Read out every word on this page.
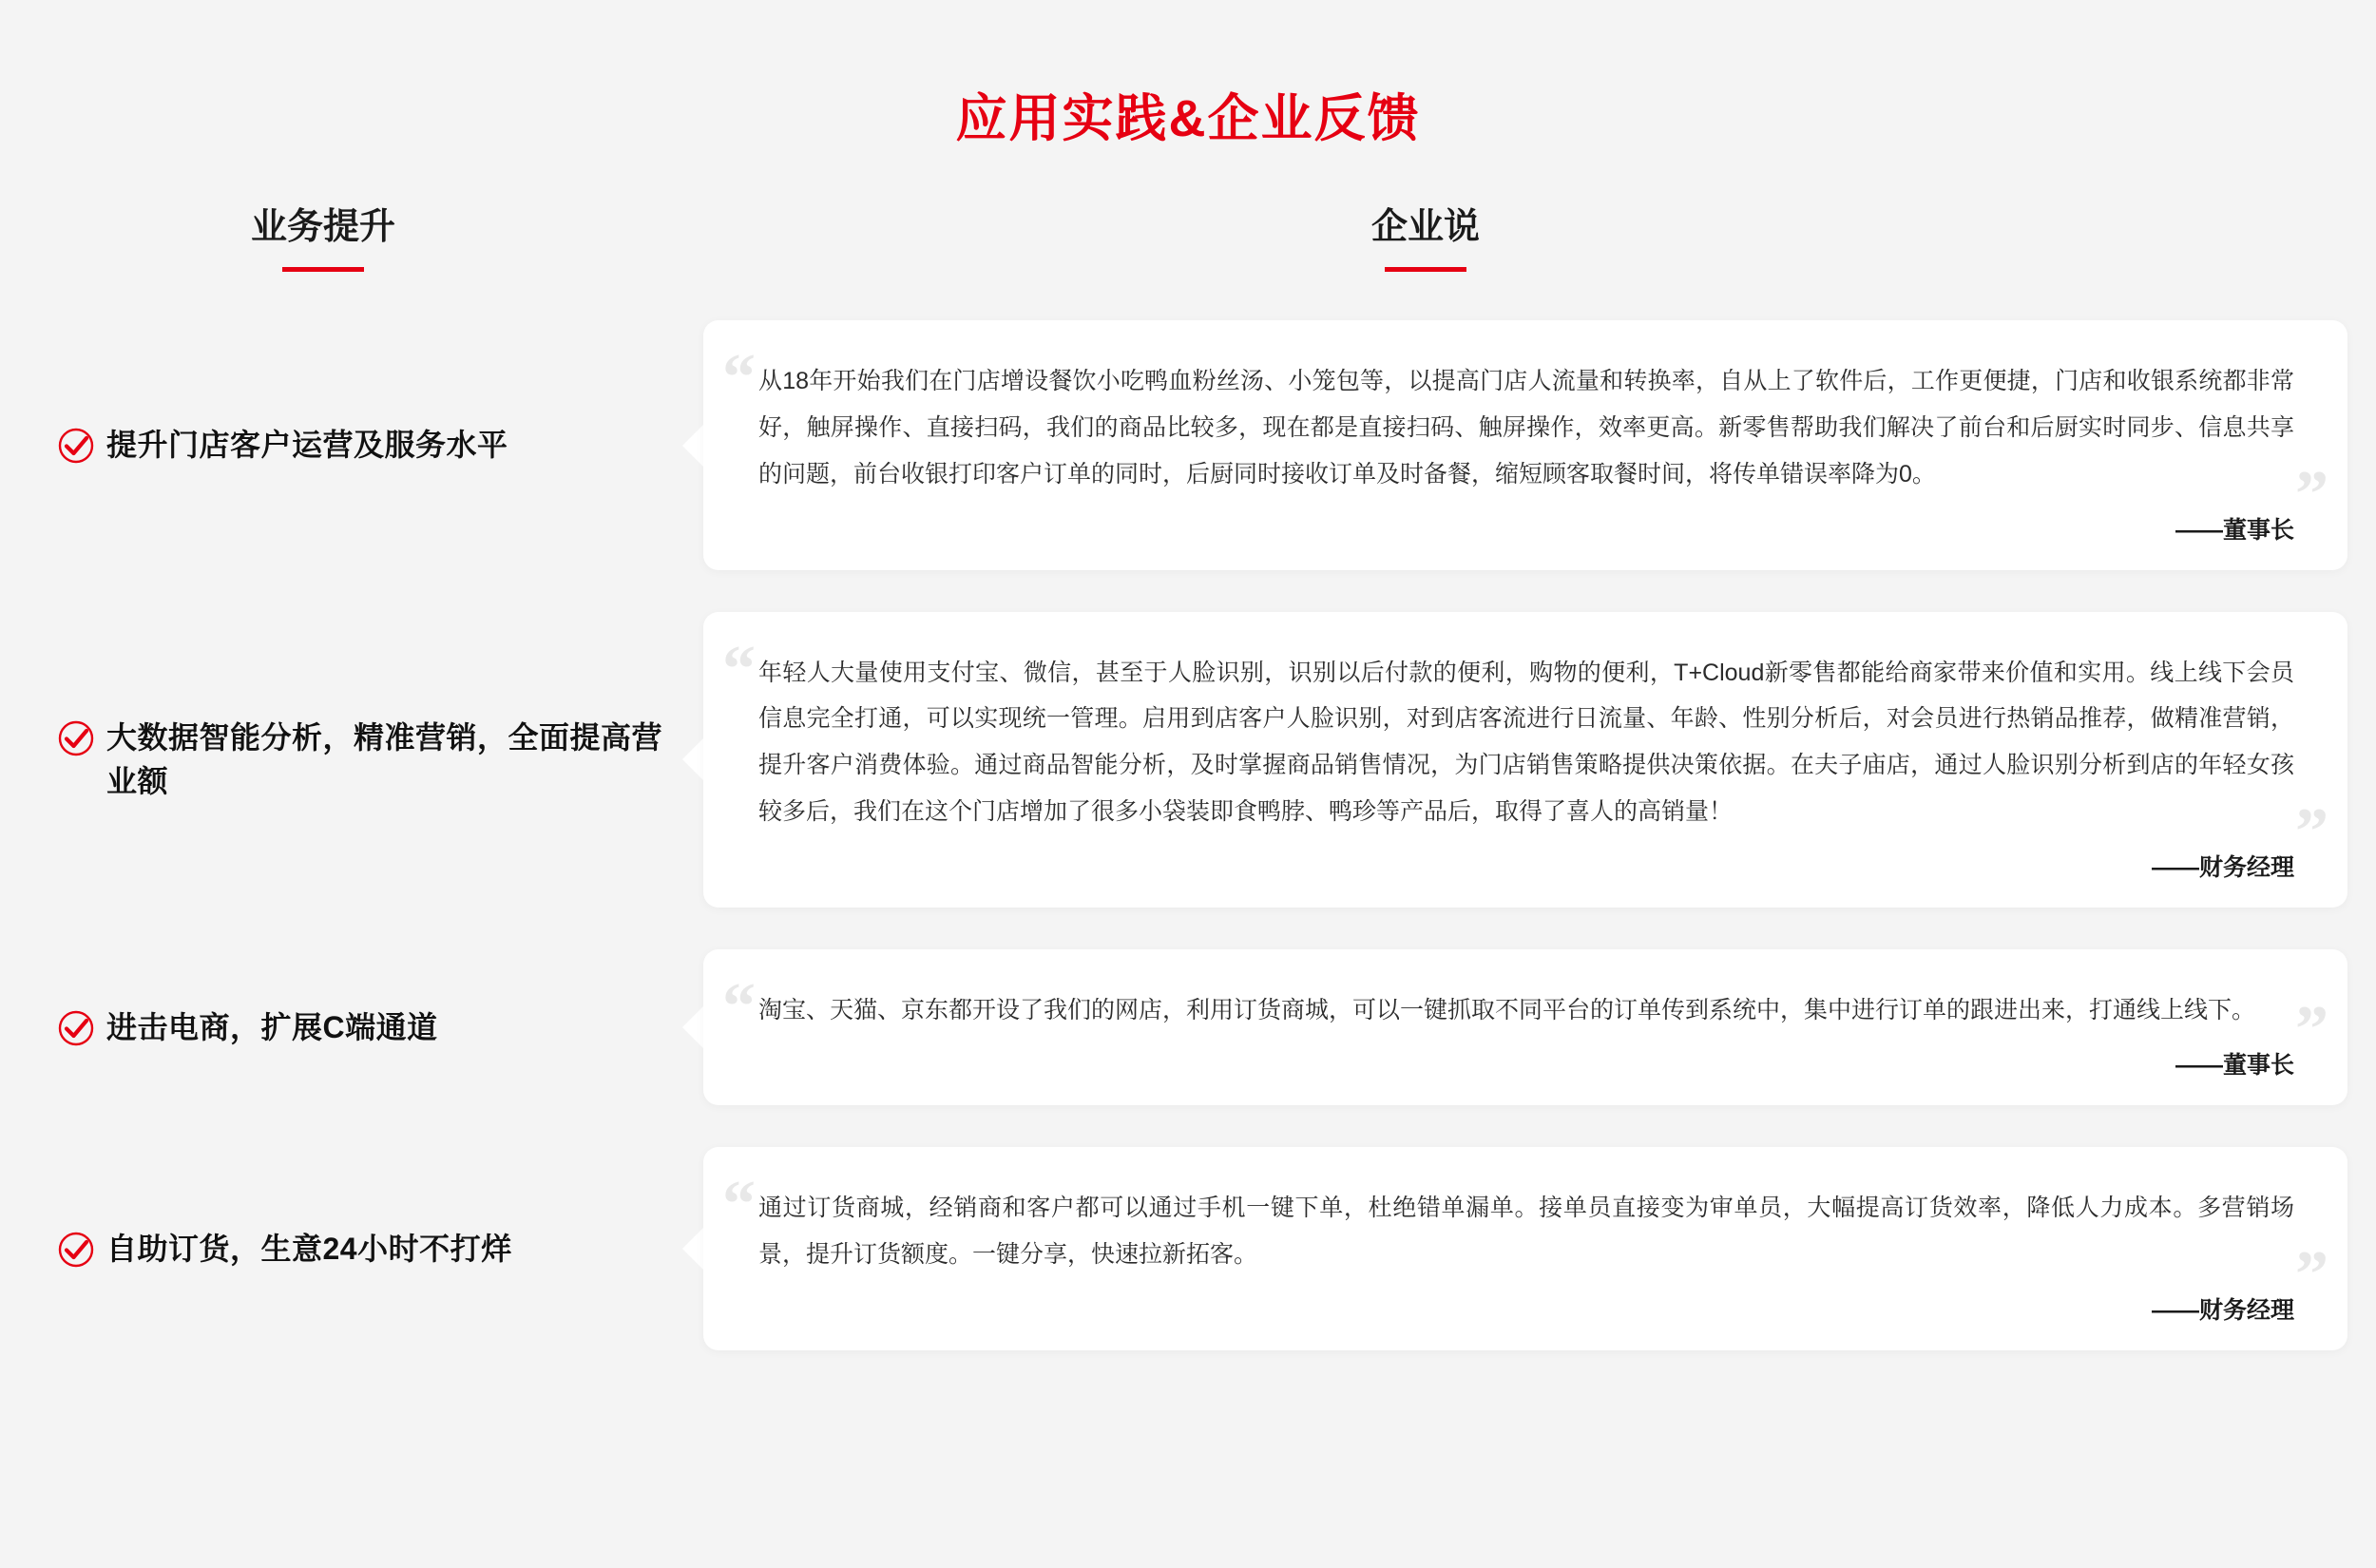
应用实践&企业反馈
业务提升	企业说
提升门店客户运营及服务水平
“
”
从18年开始我们在门店增设餐饮小吃鸭血粉丝汤、小笼包等，以提高门店人流量和转换率，自从上了软件后，工作更便捷，门店和收银系统都非常好，触屏操作、直接扫码，我们的商品比较多，现在都是直接扫码、触屏操作，效率更高。新零售帮助我们解决了前台和后厨实时同步、信息共享的问题，前台收银打印客户订单的同时，后厨同时接收订单及时备餐，缩短顾客取餐时间，将传单错误率降为0。
——董事长
大数据智能分析，精准营销，全面提高营业额
“
”
年轻人大量使用支付宝、微信，甚至于人脸识别，识别以后付款的便利，购物的便利，T+Cloud新零售都能给商家带来价值和实用。线上线下会员信息完全打通，可以实现统一管理。启用到店客户人脸识别，对到店客流进行日流量、年龄、性别分析后，对会员进行热销品推荐，做精准营销，提升客户消费体验。通过商品智能分析，及时掌握商品销售情况，为门店销售策略提供决策依据。在夫子庙店，通过人脸识别分析到店的年轻女孩较多后，我们在这个门店增加了很多小袋装即食鸭脖、鸭珍等产品后，取得了喜人的高销量！
——财务经理
进击电商，扩展C端通道	“	”
淘宝、天猫、京东都开设了我们的网店，利用订货商城，可以一键抓取不同平台的订单传到系统中，集中进行订单的跟进出来，打通线上线下。
——董事长
自助订货，生意24小时不打烊
“
”
通过订货商城，经销商和客户都可以通过手机一键下单，杜绝错单漏单。接单员直接变为审单员，大幅提高订货效率，降低人力成本。多营销场景，提升订货额度。一键分享，快速拉新拓客。
——财务经理
